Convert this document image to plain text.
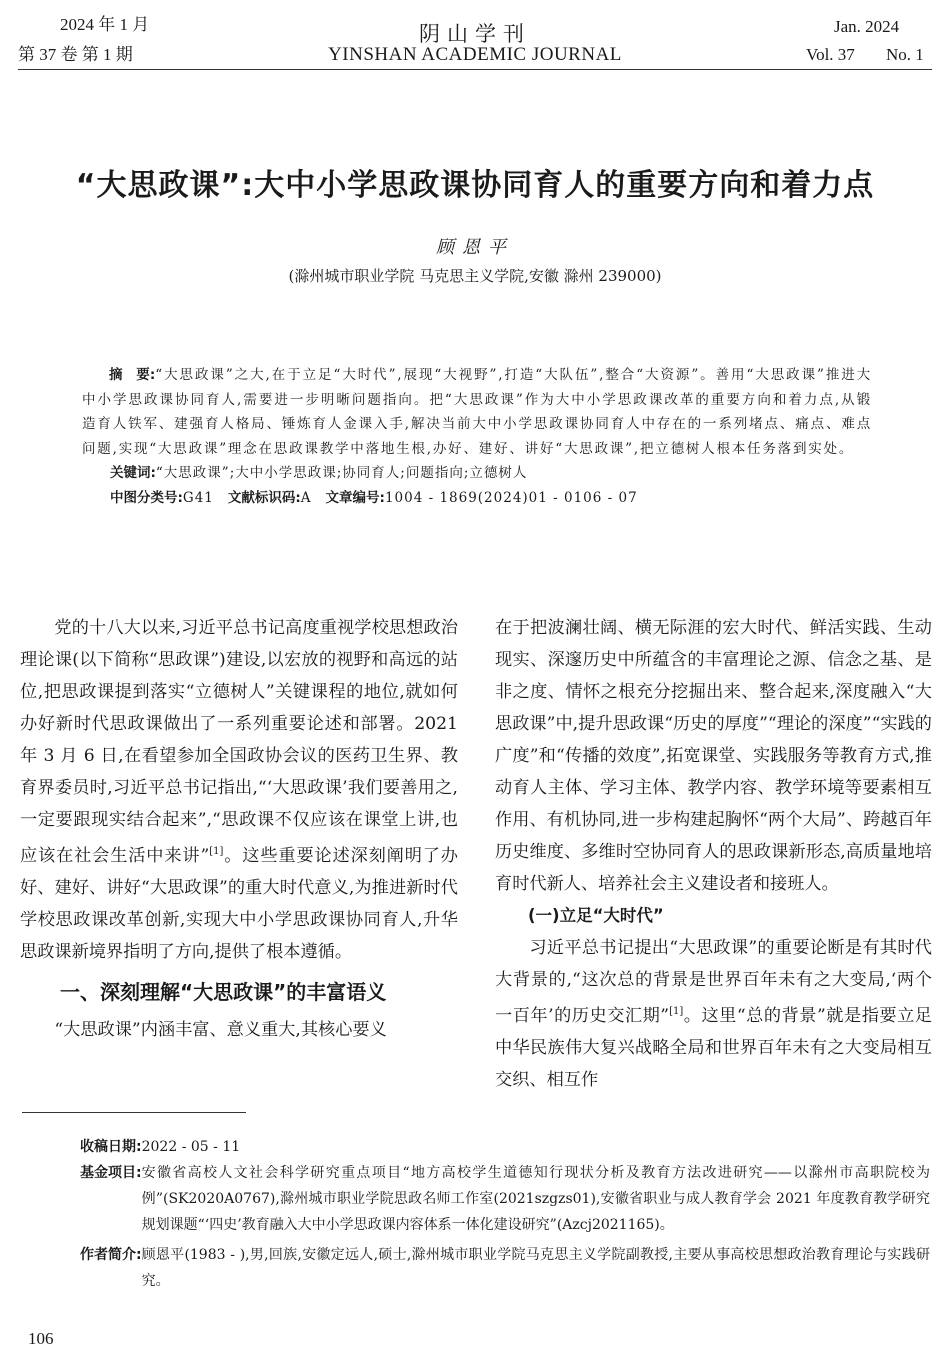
2024 年 1 月
第 37 卷 第 1 期
阴山学刊
YINSHAN ACADEMIC JOURNAL
Jan. 2024
Vol. 37 No. 1
“大思政课”:大中小学思政课协同育人的重要方向和着力点
顾恩平
(滁州城市职业学院 马克思主义学院,安徽 滁州 239000)
摘　要:“大思政课”之大,在于立足“大时代”,展现“大视野”,打造“大队伍”,整合“大资源”。善用“大思政课”推进大中小学思政课协同育人,需要进一步明晰问题指向。把“大思政课”作为大中小学思政课改革的重要方向和着力点,从锻造育人铁军、建强育人格局、锤炼育人金课入手,解决当前大中小学思政课协同育人中存在的一系列堵点、痛点、难点问题,实现“大思政课”理念在思政课教学中落地生根,办好、建好、讲好“大思政课”,把立德树人根本任务落到实处。
关键词:“大思政课”;大中小学思政课;协同育人;问题指向;立德树人
中图分类号:G41 文献标识码:A 文章编号:1004 - 1869(2024)01 - 0106 - 07

党的十八大以来,习近平总书记高度重视学校思想政治理论课(以下简称“思政课”)建设,以宏放的视野和高远的站位,把思政课提到落实“立德树人”关键课程的地位,就如何办好新时代思政课做出了一系列重要论述和部署。2021 年 3 月 6 日,在看望参加全国政协会议的医药卫生界、教育界委员时,习近平总书记指出,“‘大思政课’我们要善用之,一定要跟现实结合起来”,“思政课不仅应该在课堂上讲,也应该在社会生活中来讲”[1]。这些重要论述深刻阐明了办好、建好、讲好“大思政课”的重大时代意义,为推进新时代学校思政课改革创新,实现大中小学思政课协同育人,升华思政课新境界指明了方向,提供了根本遵循。

一、深刻理解“大思政课”的丰富语义

“大思政课”内涵丰富、意义重大,其核心要义

在于把波澜壮阔、横无际涯的宏大时代、鲜活实践、生动现实、深邃历史中所蕴含的丰富理论之源、信念之基、是非之度、情怀之根充分挖掘出来、整合起来,深度融入“大思政课”中,提升思政课“历史的厚度”“理论的深度”“实践的广度”和“传播的效度”,拓宽课堂、实践服务等教育方式,推动育人主体、学习主体、教学内容、教学环境等要素相互作用、有机协同,进一步构建起胸怀“两个大局”、跨越百年历史维度、多维时空协同育人的思政课新形态,高质量地培育时代新人、培养社会主义建设者和接班人。

(一)立足“大时代”

习近平总书记提出“大思政课”的重要论断是有其时代大背景的,“这次总的背景是世界百年未有之大变局,‘两个一百年’的历史交汇期”[1]。这里“总的背景”就是指要立足中华民族伟大复兴战略全局和世界百年未有之大变局相互交织、相互作

收稿日期: 2022 - 05 - 11
基金项目: 安徽省高校人文社会科学研究重点项目“地方高校学生道德知行现状分析及教育方法改进研究——以滁州市高职院校为例”(SK2020A0767),滁州城市职业学院思政名师工作室(2021szgzs01),安徽省职业与成人教育学会 2021 年度教育教学研究规划课题“‘四史’教育融入大中小学思政课内容体系一体化建设研究”(Azcj2021165)。
作者简介: 顾恩平(1983 - ),男,回族,安徽定远人,硕士,滁州城市职业学院马克思主义学院副教授,主要从事高校思想政治教育理论与实践研究。
106
